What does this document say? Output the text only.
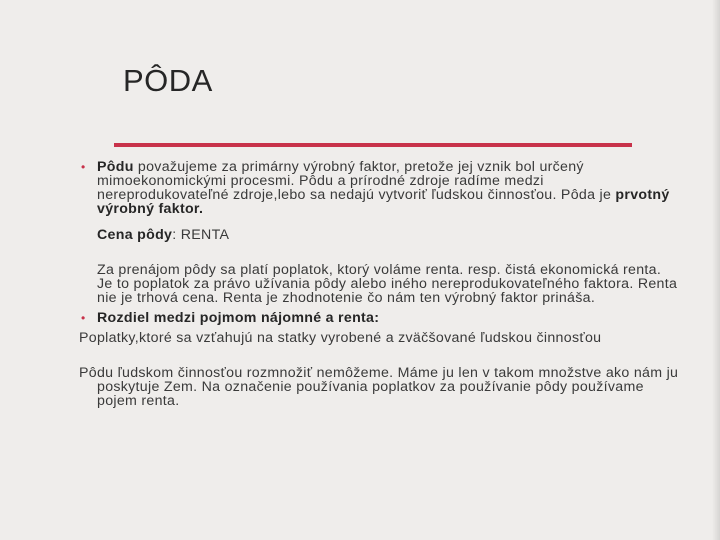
PÔDA
• Pôdu považujeme za primárny výrobný faktor, pretože jej vznik bol určený mimoekonomickými procesmi. Pôdu a prírodné zdroje radíme medzi nereprodukovateľné zdroje,lebo sa nedajú vytvoriť ľudskou činnosťou. Pôda je prvotný výrobný faktor.
Cena pôdy: RENTA
Za prenájom pôdy sa platí poplatok, ktorý voláme renta. resp. čistá ekonomická renta. Je to poplatok za právo užívania pôdy alebo iného nereprodukovateľného faktora. Renta nie je trhová cena. Renta je zhodnotenie čo nám ten výrobný faktor prináša.
• Rozdiel medzi pojmom nájomné a renta:
Poplatky,ktoré sa vzťahujú na statky vyrobené a zväčšované ľudskou činnosťou
Pôdu ľudskom činnosťou rozmnožiť nemôžeme. Máme ju len v takom množstve ako nám ju poskytuje Zem. Na označenie používania poplatkov za používanie pôdy používame pojem renta.
